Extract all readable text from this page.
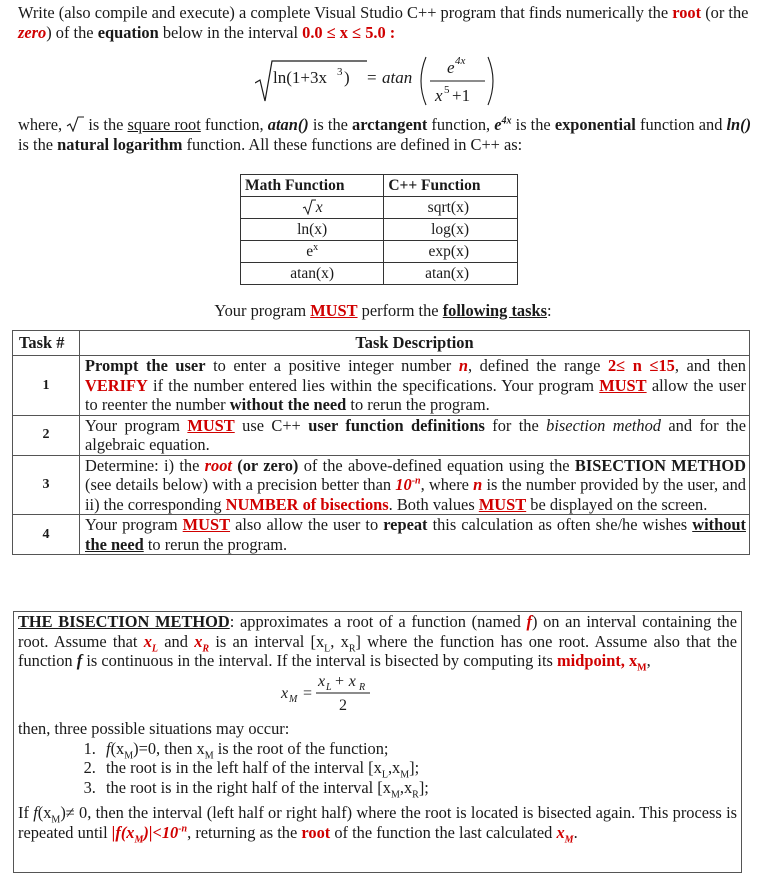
Write (also compile and execute) a complete Visual Studio C++ program that finds numerically the root (or the zero) of the equation below in the interval 0.0 ≤ x ≤ 5.0 :
ln(1+3x 3 ) = atan
e 4x
x 5 +1
where, is the square root function, atan() is the arctangent function, $e^{4x}$ is the exponential function and ln() is the natural logarithm function. All these functions are defined in C++ as:
Math Function	C++ Function
x	sqrt(x)
ln(x)	log(x)
$e^x$	exp(x)
atan(x)	atan(x)
Your program MUST perform the following tasks:
Task #	Task Description
1	Prompt the user to enter a positive integer number n, defined the range 2≤ n ≤15, and then VERIFY if the number entered lies within the specifications. Your program MUST allow the user to reenter the number without the need to rerun the program.
2	Your program MUST use C++ user function definitions for the bisection method and for the algebraic equation.
3	Determine: i) the root (or zero) of the above-defined equation using the BISECTION METHOD (see details below) with a precision better than $10^{-n}$, where n is the number provided by the user, and ii) the corresponding NUMBER of bisections. Both values MUST be displayed on the screen.
4	Your program MUST also allow the user to repeat this calculation as often she/he wishes without the need to rerun the program.

THE BISECTION METHOD: approximates a root of a function (named f) on an interval containing the root. Assume that $x_L$ and $x_R$ is an interval [$x_L$, $x_R$] where the function has one root. Assume also that the function f is continuous in the interval. If the interval is bisected by computing its midpoint, $x_M$,

x M =
x L + x R
2

then, three possible situations may occur:

1. $f(x_M)=0$, then $x_M$ is the root of the function;
2. the root is in the left half of the interval $[x_L,x_M]$;
3. the root is in the right half of the interval $[x_M,x_R]$;

If $f(x_M)\ne 0$, then the interval (left half or right half) where the root is located is bisected again. This process is repeated until $|f(x_M)|<10^{-n}$, returning as the root of the function the last calculated $x_M$.
